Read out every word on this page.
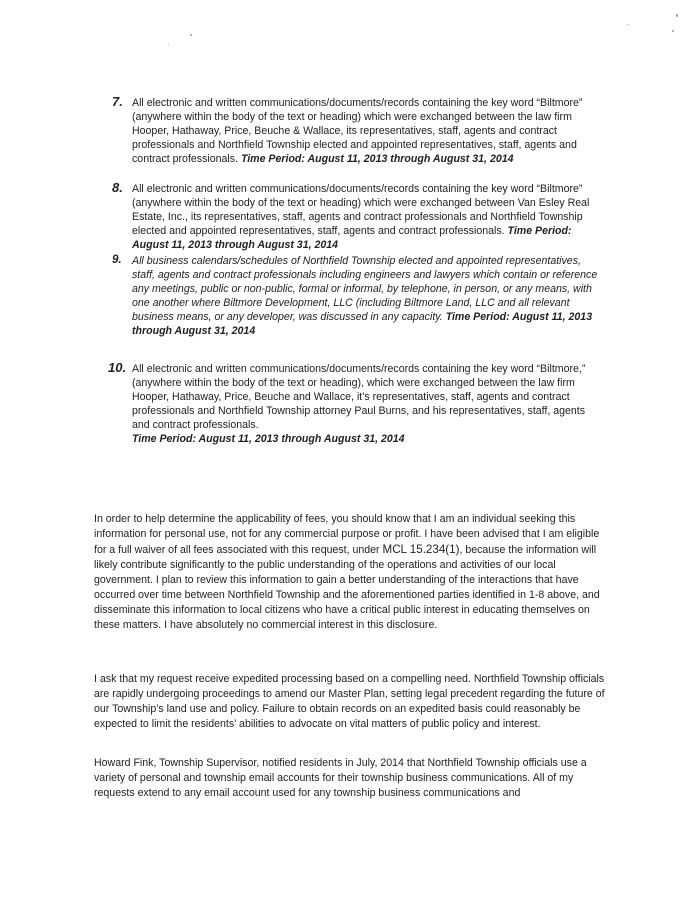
7. All electronic and written communications/documents/records containing the key word “Biltmore” (anywhere within the body of the text or heading) which were exchanged between the law firm Hooper, Hathaway, Price, Beuche & Wallace, its representatives, staff, agents and contract professionals and Northfield Township elected and appointed representatives, staff, agents and contract professionals. Time Period: August 11, 2013 through August 31, 2014
8. All electronic and written communications/documents/records containing the key word “Biltmore” (anywhere within the body of the text or heading) which were exchanged between Van Esley Real Estate, Inc., its representatives, staff, agents and contract professionals and Northfield Township elected and appointed representatives, staff, agents and contract professionals. Time Period: August 11, 2013 through August 31, 2014
9. All business calendars/schedules of Northfield Township elected and appointed representatives, staff, agents and contract professionals including engineers and lawyers which contain or reference any meetings, public or non-public, formal or informal, by telephone, in person, or any means, with one another where Biltmore Development, LLC (including Biltmore Land, LLC and all relevant business means, or any developer, was discussed in any capacity. Time Period: August 11, 2013 through August 31, 2014
10. All electronic and written communications/documents/records containing the key word “Biltmore,” (anywhere within the body of the text or heading), which were exchanged between the law firm Hooper, Hathaway, Price, Beuche and Wallace, it’s representatives, staff, agents and contract professionals and Northfield Township attorney Paul Burns, and his representatives, staff, agents and contract professionals.
Time Period: August 11, 2013 through August 31, 2014
In order to help determine the applicability of fees, you should know that I am an individual seeking this information for personal use, not for any commercial purpose or profit. I have been advised that I am eligible for a full waiver of all fees associated with this request, under MCL 15.234(1), because the information will likely contribute significantly to the public understanding of the operations and activities of our local government. I plan to review this information to gain a better understanding of the interactions that have occurred over time between Northfield Township and the aforementioned parties identified in 1-8 above, and disseminate this information to local citizens who have a critical public interest in educating themselves on these matters. I have absolutely no commercial interest in this disclosure.
I ask that my request receive expedited processing based on a compelling need. Northfield Township officials are rapidly undergoing proceedings to amend our Master Plan, setting legal precedent regarding the future of our Township’s land use and policy. Failure to obtain records on an expedited basis could reasonably be expected to limit the residents’ abilities to advocate on vital matters of public policy and interest.
Howard Fink, Township Supervisor, notified residents in July, 2014 that Northfield Township officials use a variety of personal and township email accounts for their township business communications. All of my requests extend to any email account used for any township business communications and
